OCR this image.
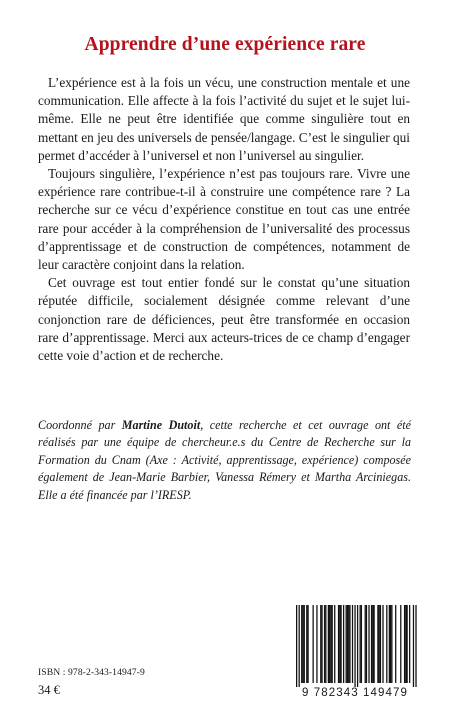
Apprendre d’une expérience rare

L’expérience est à la fois un vécu, une construction mentale et une communication. Elle affecte à la fois l’activité du sujet et le sujet lui-même. Elle ne peut être identifiée que comme singulière tout en mettant en jeu des universels de pensée/langage. C’est le singulier qui permet d’accéder à l’universel et non l’universel au singulier.

Toujours singulière, l’expérience n’est pas toujours rare. Vivre une expérience rare contribue-t-il à construire une compétence rare ? La recherche sur ce vécu d’expérience constitue en tout cas une entrée rare pour accéder à la compréhension de l’universalité des processus d’apprentissage et de construction de compétences, notamment de leur caractère conjoint dans la relation.

Cet ouvrage est tout entier fondé sur le constat qu’une situation réputée difficile, socialement désignée comme relevant d’une conjonction rare de déficiences, peut être transformée en occasion rare d’apprentissage. Merci aux acteurs-trices de ce champ d’engager cette voie d’action et de recherche.

Coordonné par Martine Dutoit, cette recherche et cet ouvrage ont été réalisés par une équipe de chercheur.e.s du Centre de Recherche sur la Formation du Cnam (Axe : Activité, apprentissage, expérience) composée également de Jean-Marie Barbier, Vanessa Rémery et Martha Arciniegas. Elle a été financée par l’IRESP.
ISBN : 978-2-343-14947-9
34 €	9 782343 149479
